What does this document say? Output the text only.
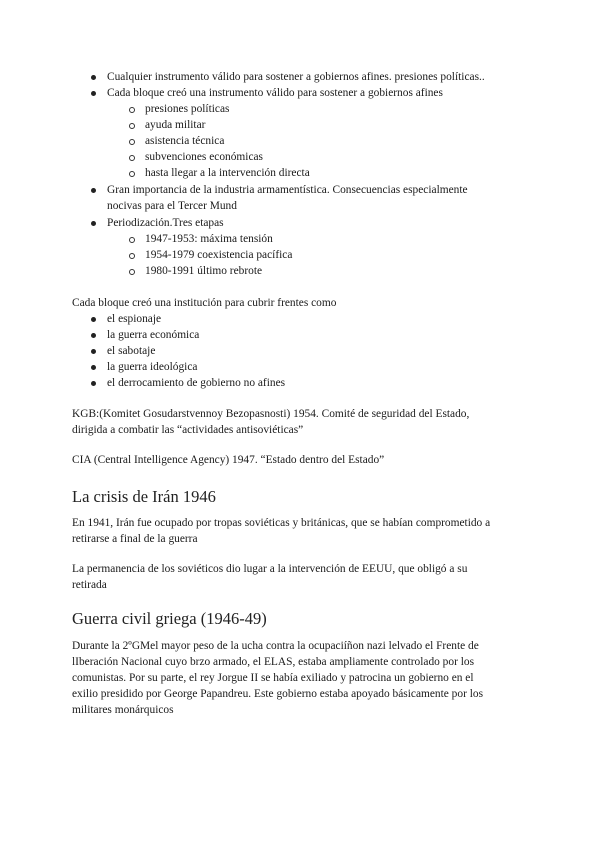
Cualquier instrumento válido para sostener a gobiernos afines. presiones políticas..
Cada bloque creó una instrumento válido para sostener a gobiernos afines
presiones políticas
ayuda militar
asistencia técnica
subvenciones económicas
hasta llegar a la intervención directa
Gran importancia de la industria armamentística. Consecuencias especialmente
nocivas para el Tercer Mund
Periodización.Tres etapas
1947-1953: máxima tensión
1954-1979 coexistencia pacífica
1980-1991 último rebrote
Cada bloque creó una institución para cubrir frentes como
el espionaje
la guerra económica
el sabotaje
la guerra ideológica
el derrocamiento de gobierno no afines
KGB:(Komitet Gosudarstvennoy Bezopasnosti) 1954. Comité de seguridad del Estado,
dirigida a combatir las “actividades antisoviéticas”
CIA (Central Intelligence Agency) 1947. “Estado dentro del Estado”
La crisis de Irán 1946
En 1941, Irán fue ocupado por tropas soviéticas y británicas, que se habían comprometido a
retirarse a final de la guerra
La permanencia de los soviéticos dio lugar a la intervención de EEUU, que obligó a su
retirada
Guerra civil griega (1946-49)
Durante la 2ºGMel mayor peso de la ucha contra la ocupaciíñon nazi lelvado el Frente de
lIberación Nacional cuyo brzo armado, el ELAS, estaba ampliamente controlado por los
comunistas. Por su parte, el rey Jorgue II se había exiliado y patrocina un gobierno en el
exilio presidido por George Papandreu. Este gobierno estaba apoyado básicamente por los
militares monárquicos
